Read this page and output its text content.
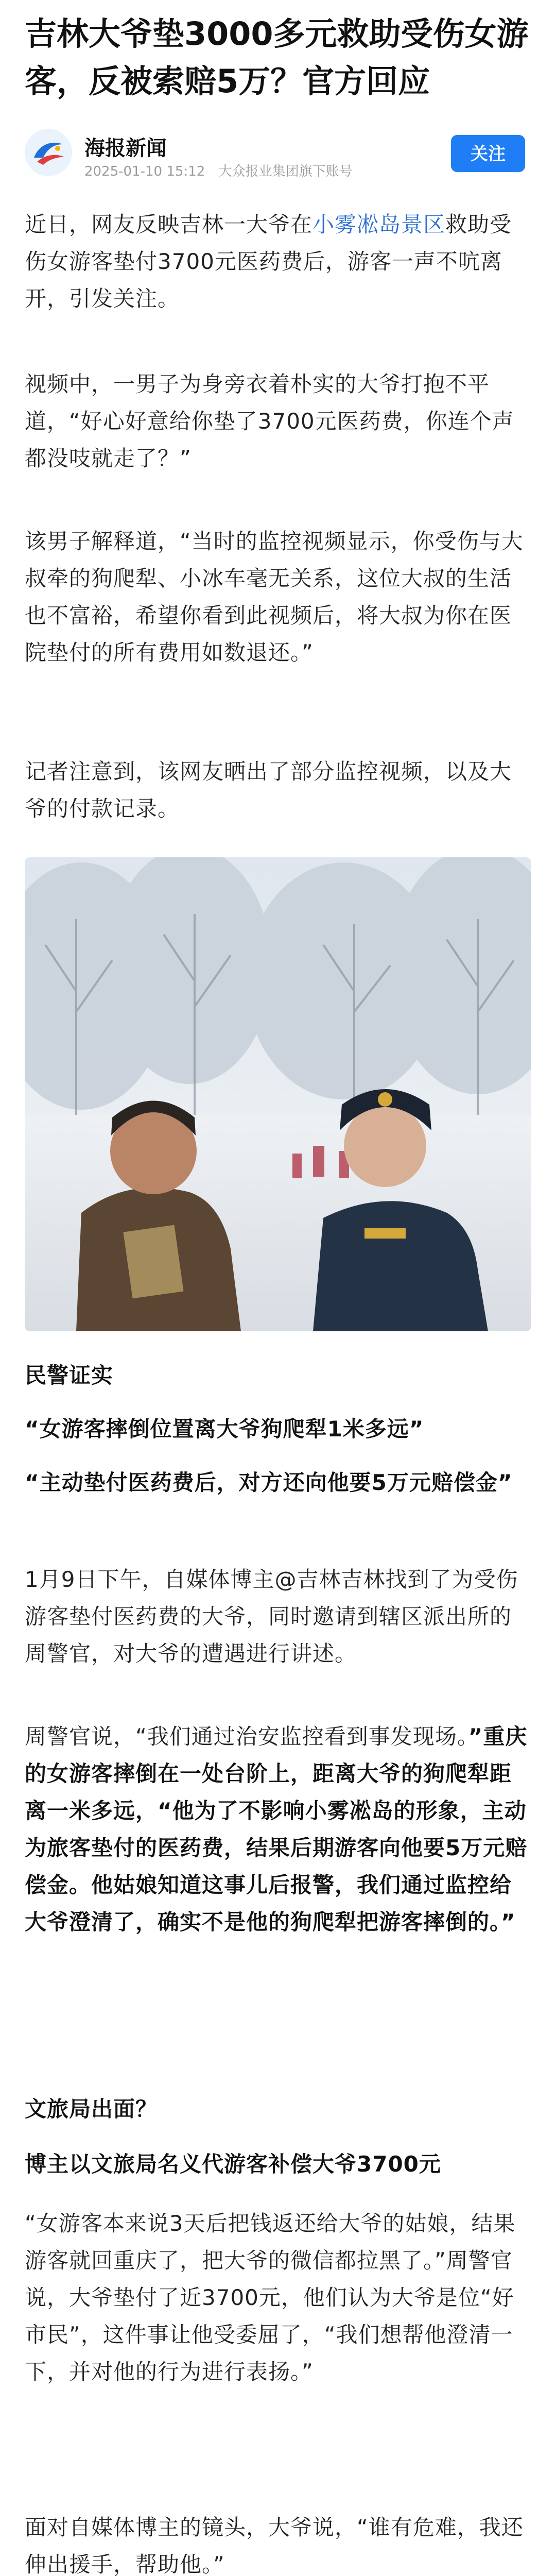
吉林大爷垫3000多元救助受伤女游客，反被索赔5万？官方回应
海报新闻
2025-01-10 15:12 大众报业集团旗下账号
关注

近日，网友反映吉林一大爷在小雾凇岛景区救助受伤女游客垫付3700元医药费后，游客一声不吭离开，引发关注。

视频中，一男子为身旁衣着朴实的大爷打抱不平道，“好心好意给你垫了3700元医药费，你连个声都没吱就走了？”

该男子解释道，“当时的监控视频显示，你受伤与大叔牵的狗爬犁、小冰车毫无关系，这位大叔的生活也不富裕，希望你看到此视频后，将大叔为你在医院垫付的所有费用如数退还。”

记者注意到，该网友晒出了部分监控视频，以及大爷的付款记录。

民警证实

“女游客摔倒位置离大爷狗爬犁1米多远”

“主动垫付医药费后，对方还向他要5万元赔偿金”

1月9日下午，自媒体博主@吉林吉林找到了为受伤游客垫付医药费的大爷，同时邀请到辖区派出所的周警官，对大爷的遭遇进行讲述。

周警官说，“我们通过治安监控看到事发现场。”重庆的女游客摔倒在一处台阶上，距离大爷的狗爬犁距离一米多远，“他为了不影响小雾凇岛的形象，主动为旅客垫付的医药费，结果后期游客向他要5万元赔偿金。他姑娘知道这事儿后报警，我们通过监控给大爷澄清了，确实不是他的狗爬犁把游客摔倒的。”

文旅局出面？

博主以文旅局名义代游客补偿大爷3700元

“女游客本来说3天后把钱返还给大爷的姑娘，结果游客就回重庆了，把大爷的微信都拉黑了。”周警官说，大爷垫付了近3700元，他们认为大爷是位“好市民”，这件事让他受委屈了，“我们想帮他澄清一下，并对他的行为进行表扬。”

面对自媒体博主的镜头，大爷说，“谁有危难，我还伸出援手，帮助他。”
